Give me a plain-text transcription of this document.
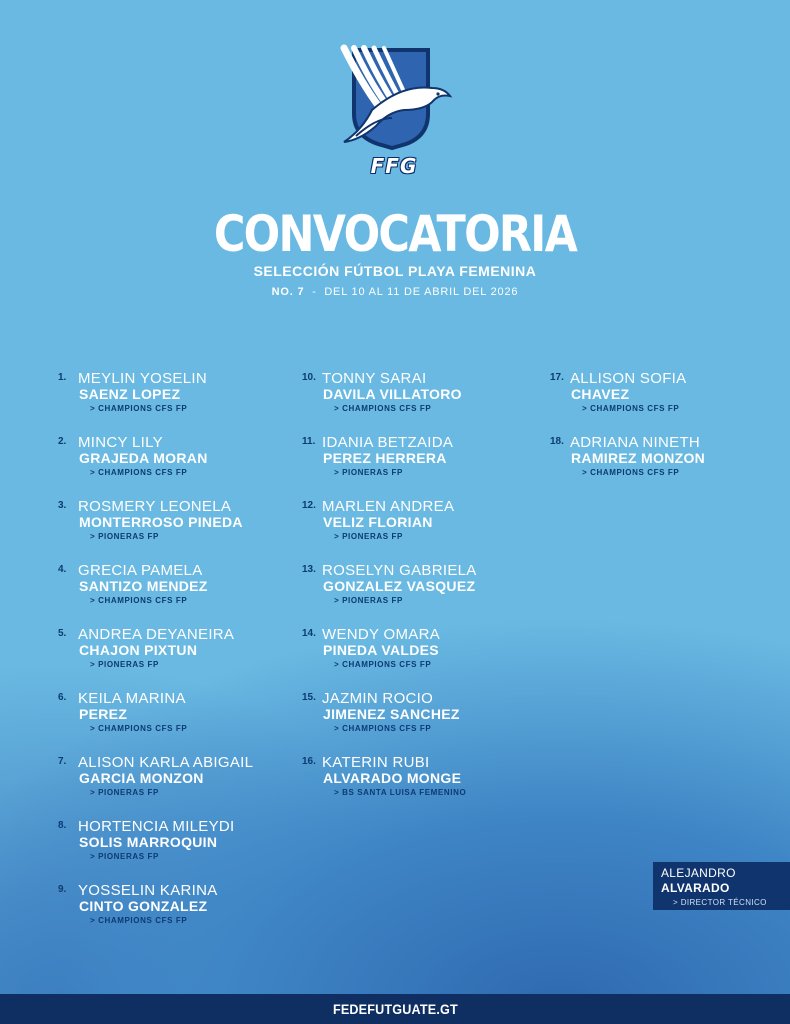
FFG
CONVOCATORIA
SELECCIÓN FÚTBOL PLAYA FEMENINA
NO. 7 - DEL 10 AL 11 DE ABRIL DEL 2026
1. MEYLIN YOSELIN
SAENZ LOPEZ
> CHAMPIONS CFS FP
2. MINCY LILY
GRAJEDA MORAN
> CHAMPIONS CFS FP
3. ROSMERY LEONELA
MONTERROSO PINEDA
> PIONERAS FP
4. GRECIA PAMELA
SANTIZO MENDEZ
> CHAMPIONS CFS FP
5. ANDREA DEYANEIRA
CHAJON PIXTUN
> PIONERAS FP
6. KEILA MARINA
PEREZ
> CHAMPIONS CFS FP
7. ALISON KARLA ABIGAIL
GARCIA MONZON
> PIONERAS FP
8. HORTENCIA MILEYDI
SOLIS MARROQUIN
> PIONERAS FP
9. YOSSELIN KARINA
CINTO GONZALEZ
> CHAMPIONS CFS FP
10. TONNY SARAI
DAVILA VILLATORO
> CHAMPIONS CFS FP
11. IDANIA BETZAIDA
PEREZ HERRERA
> PIONERAS FP
12. MARLEN ANDREA
VELIZ FLORIAN
> PIONERAS FP
13. ROSELYN GABRIELA
GONZALEZ VASQUEZ
> PIONERAS FP
14. WENDY OMARA
PINEDA VALDES
> CHAMPIONS CFS FP
15. JAZMIN ROCIO
JIMENEZ SANCHEZ
> CHAMPIONS CFS FP
16. KATERIN RUBI
ALVARADO MONGE
> BS SANTA LUISA FEMENINO
17. ALLISON SOFIA
CHAVEZ
> CHAMPIONS CFS FP
18. ADRIANA NINETH
RAMIREZ MONZON
> CHAMPIONS CFS FP
ALEJANDRO
ALVARADO
> DIRECTOR TÉCNICO
FEDEFUTGUATE.GT
